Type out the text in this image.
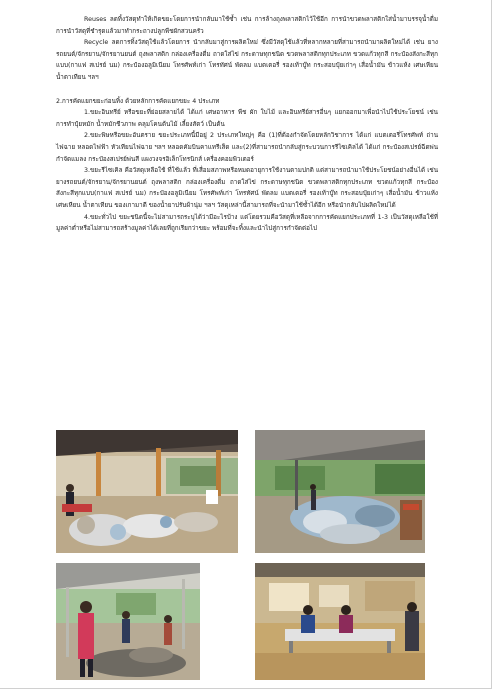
Reuses ลดทิ้งวัสดุทำให้เกิดขยะโดยการนำกลับมาใช้ซ้ำ เช่น การล้างถุงพลาสติกไว้ใช้อีก การนำขวดพลาสติกใส่น้ำมาบรรจุน้ำดื่ม การนำวัสดุที่ชำรุดแล้วมาทำกระถางปลูกพืชผักสวนครัว

Recycle ลดการทิ้งวัสดุใช้แล้วโดยการ นำกลับมาสู่การผลิตใหม่ ซึ่งมีวัสดุใช้แล้วที่หลากหลายที่สามารถนำมาผลิตใหม่ได้ เช่น ยางรถยนต์/จักรยาน/จักรยานยนต์ ถุงพลาสติก กล่องเครื่องดื่ม ถาดใส่ไข่ กระดาษทุกชนิด ขวดพลาสติกทุกประเภท ขวดแก้วทุกสี กระป๋องสังกะสีทุกแบบ(กาแฟ สเปรย์ นม) กระป๋องอลูมิเนียม โทรศัพท์เก่า โทรทัศน์ พัดลม แบตเตอรี่ รองเท้าบู๊ท กระสอบปุ๋ยเก่าๆ เสื่อน้ำมัน ข้าวแห้ง เศษเหียน น้ำตาเทียน ฯลฯ

2.การคัดแยกขยะก่อนทิ้ง ด้วยหลักการคัดแยกขยะ 4 ประเภท

1.ขยะอินทรีย์ หรือขยะที่ย่อยสลายได้ ได้แก่ เศษอาหาร พืช ผัก ใบไม้ และอินทรีย์สารอื่นๆ แยกออกมาเพื่อนำไปใช้ประโยชน์ เช่น การทำปุ๋ยหมัก น้ำหมักชีวภาพ คลุมโคนต้นไม้ เลี้ยงสัตว์ เป็นต้น

2.ขยะพิษหรือขยะอันตราย ขยะประเภทนี้มีอยู่ 2 ประเภทใหญ่ๆ คือ (1)ที่ต้องกำจัดโดยหลักวิชาการ ได้แก่ แบตเตอรี่โทรศัพท์ ถ่านไฟฉาย หลอดไฟฟ้า หัวเทียนไฟฉาย ฯลฯ หลอดคัมบินคาแทรีเส็ด และ(2)ที่สามารถนำกลับสู่กระบวนการรีไซเคิลได้ ได้แก่ กระป๋องสเปรย์ฉีดพ่นกำจัดแมลง กระป๋องสเปรย์พ่นสี แผงวงจรอิเล็กโทรนิกส์ เครื่องคอมพิวเตอร์

3.ขยะรีไซเคิล คือวัสดุเหลือใช้ ที่ใช้แล้ว ที่เสื่อมสภาพหรือหมดอายุการใช้งานตามปกติ แต่สามารถนำมาใช้ประโยชน์อย่างอื่นได้ เช่น ยางรถยนต์/จักรยาน/จักรยานยนต์ ถุงพลาสติก กล่องเครื่องดื่ม ถาดใส่ไข่ กระดาษทุกชนิด ขวดพลาสติกทุกประเภท ขวดแก้วทุกสี กระป๋องสังกะสีทุกแบบ(กาแฟ สเปรย์ นม) กระป๋องอลูมิเนียม โทรศัพท์เก่า โทรทัศน์ พัดลม แบตเตอรี่ รองเท้าบู๊ท กระสอบปุ๋ยเก่าๆ เสื่อน้ำมัน ข้าวแห้ง เศษเหียน น้ำตาเทียน ของเกามาดี ของน้ำยาปรับผ้านุ่ม ฯลฯ วัสดุเหล่านี้สามารถที่จะนำมาใช้ซ้ำได้อีก หรือนำกลับไปผลิตใหม่ได้

4.ขยะทั่วไป ขยะชนิดนี้จะไม่สามารถระบุได้ว่ามีอะไรบ้าง แต่โดยรวมคือวัสดุที่เหลือจากการคัดแยกประเภทที่ 1-3 เป็นวัสดุเหลือใช้ที่มูลค่าต่ำหรือไม่สามารถสร้างมูลค่าได้เลยที่ถูกเรียกว่าขยะ พร้อมที่จะทิ้งและนำไปสู่การกำจัดต่อไป
